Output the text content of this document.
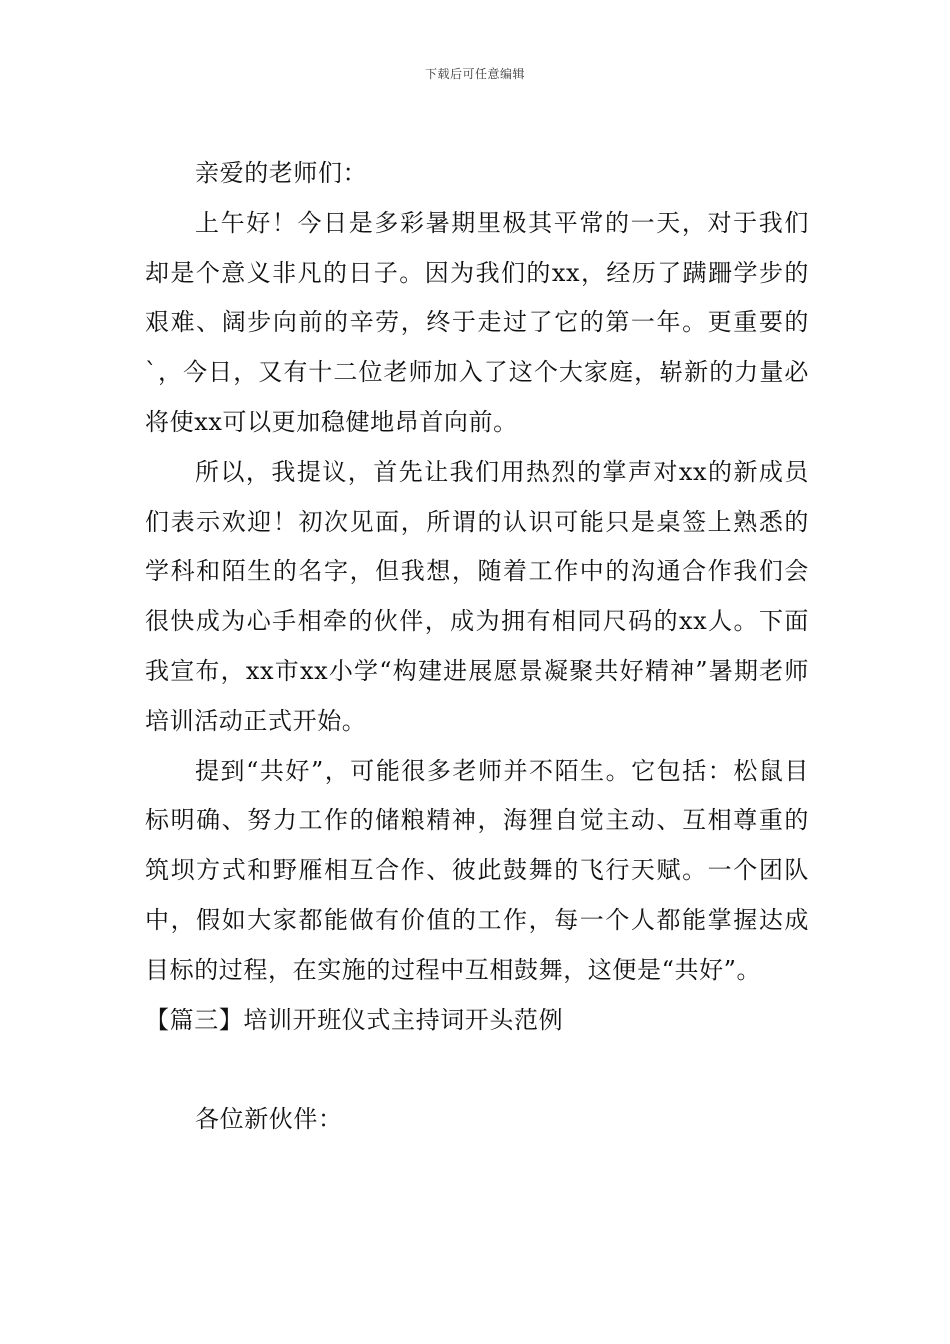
下载后可任意编辑

亲爱的老师们：

上午好！今日是多彩暑期里极其平常的一天，对于我们却是个意义非凡的日子。因为我们的xx，经历了蹒跚学步的艰难、阔步向前的辛劳，终于走过了它的第一年。更重要的`，今日，又有十二位老师加入了这个大家庭，崭新的力量必将使xx可以更加稳健地昂首向前。

所以，我提议，首先让我们用热烈的掌声对xx的新成员们表示欢迎！初次见面，所谓的认识可能只是桌签上熟悉的学科和陌生的名字，但我想，随着工作中的沟通合作我们会很快成为心手相牵的伙伴，成为拥有相同尺码的xx人。下面我宣布，xx市xx小学“构建进展愿景凝聚共好精神”暑期老师培训活动正式开始。

提到“共好”，可能很多老师并不陌生。它包括：松鼠目标明确、努力工作的储粮精神，海狸自觉主动、互相尊重的筑坝方式和野雁相互合作、彼此鼓舞的飞行天赋。一个团队中，假如大家都能做有价值的工作，每一个人都能掌握达成目标的过程，在实施的过程中互相鼓舞，这便是“共好”。

【篇三】培训开班仪式主持词开头范例

各位新伙伴：
